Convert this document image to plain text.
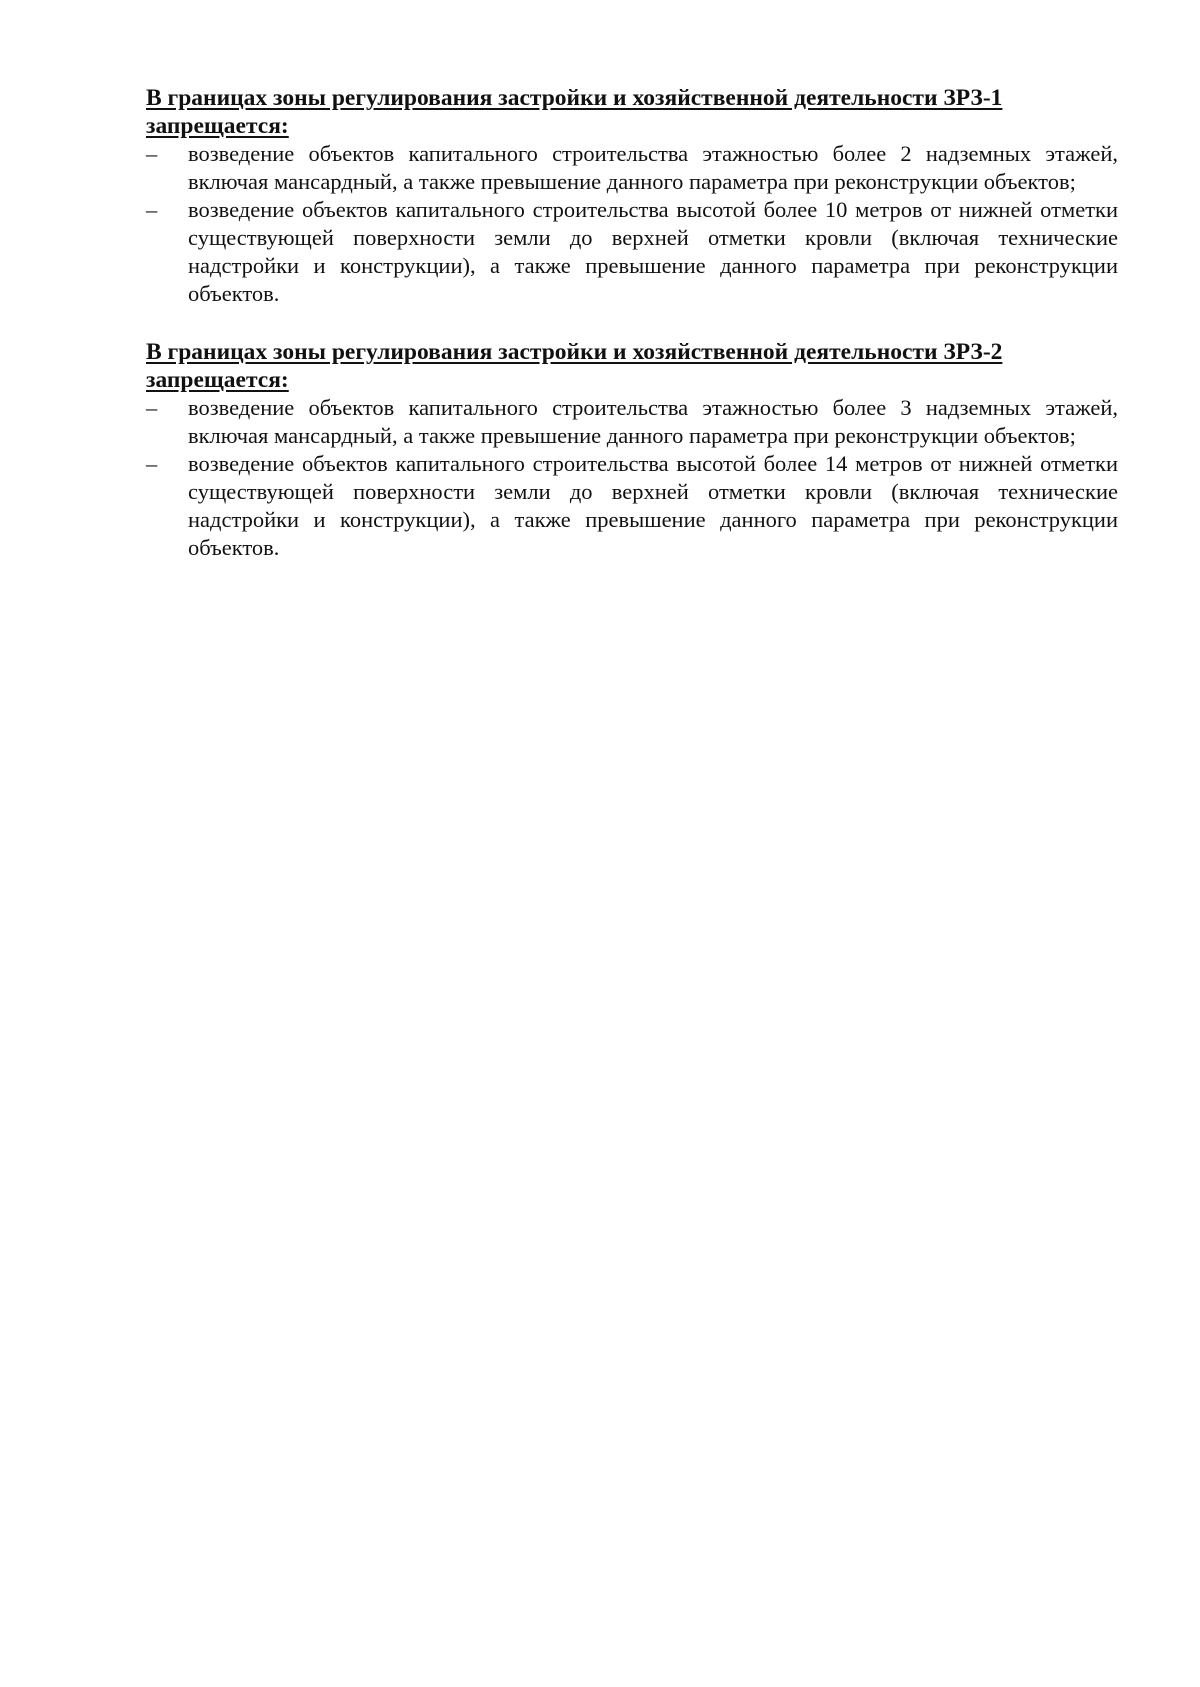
В границах зоны регулирования застройки и хозяйственной деятельности ЗРЗ-1
запрещается:

– возведение объектов капитального строительства этажностью более 2 надземных этажей, включая мансардный, а также превышение данного параметра при реконструкции объектов;
– возведение объектов капитального строительства высотой более 10 метров от нижней отметки существующей поверхности земли до верхней отметки кровли (включая технические надстройки и конструкции), а также превышение данного параметра при реконструкции объектов.

В границах зоны регулирования застройки и хозяйственной деятельности ЗРЗ-2
запрещается:

– возведение объектов капитального строительства этажностью более 3 надземных этажей, включая мансардный, а также превышение данного параметра при реконструкции объектов;
– возведение объектов капитального строительства высотой более 14 метров от нижней отметки существующей поверхности земли до верхней отметки кровли (включая технические надстройки и конструкции), а также превышение данного параметра при реконструкции объектов.
